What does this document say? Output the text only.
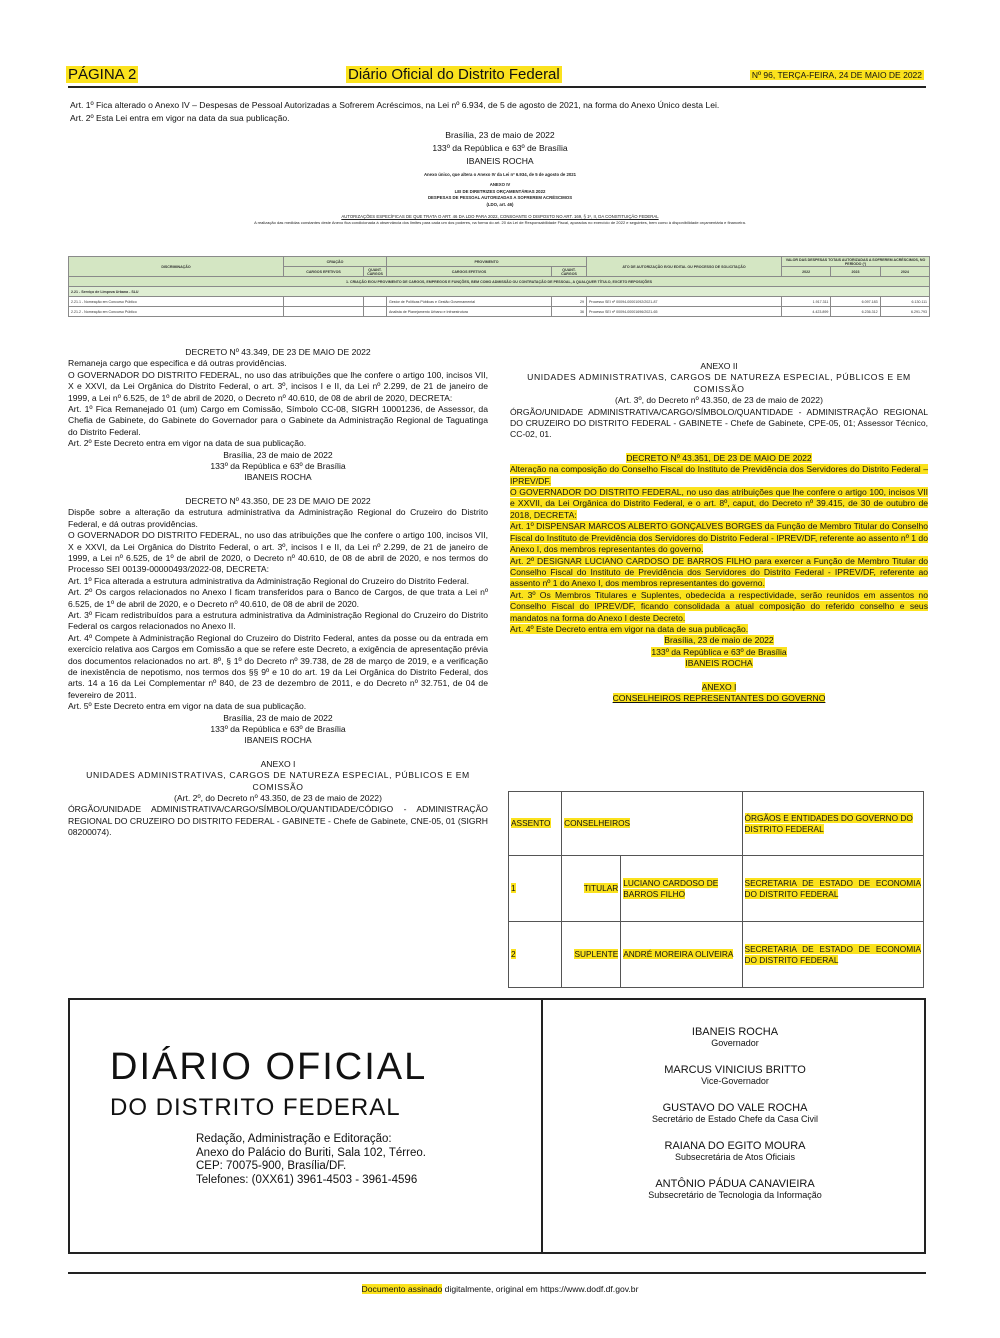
PÁGINA 2	Diário Oficial do Distrito Federal	Nº 96, TERÇA-FEIRA, 24 DE MAIO DE 2022

Art. 1º Fica alterado o Anexo IV – Despesas de Pessoal Autorizadas a Sofrerem Acréscimos, na Lei nº 6.934, de 5 de agosto de 2021, na forma do Anexo Único desta Lei.

Art. 2º Esta Lei entra em vigor na data da sua publicação.

Brasília, 23 de maio de 2022

133º da República e 63º de Brasília

IBANEIS ROCHA

Anexo único, que altera o Anexo IV da Lei nº 6.934, de 5 de agosto de 2021

ANEXO IV

LEI DE DIRETRIZES ORÇAMENTÁRIAS 2022

DESPESAS DE PESSOAL AUTORIZADAS A SOFREREM ACRÉSCIMOS

(LDO, art. 46)

AUTORIZAÇÕES ESPECÍFICAS DE QUE TRATA O ART. 46 DA LDO PARA 2022, CONSOANTE O DISPOSTO NO ART. 169, § 1º, II, DA CONSTITUIÇÃO FEDERAL

A realização das medidas constantes deste Anexo fica condicionada à observância dos limites para cada um dos poderes, na forma do art. 20 da Lei de Responsabilidade Fiscal, apurados no exercício de 2022 e seguintes, bem como à disponibilidade orçamentária e financeira.

DISCRIMINAÇÃO	CRIAÇÃO		PROVIMENTO		ATO DE AUTORIZAÇÃO E/OU EDITAL OU PROCESSO DE SOLICITAÇÃO	VALOR DAS DESPESAS TOTAIS AUTORIZADAS A SOFREREM ACRÉSCIMOS, NO PERÍODO (¹)		
	CARGOS EFETIVOS	QUANT. CARGOS	CARGOS EFETIVOS	QUANT. CARGOS		2022	2023	2024
1. CRIAÇÃO E/OU PROVIMENTO DE CARGOS, EMPREGOS E FUNÇÕES, BEM COMO ADMISSÃO OU CONTRATAÇÃO DE PESSOAL, A QUALQUER TÍTULO, EXCETO REPOSIÇÕES								
2.21 - Serviço de Limpeza Urbana - SLU								
2.21.1 - Nomeação em Concurso Público			Gestor de Políticas Públicas e Gestão Governamental	29	Processo SEI nº 00094-00001092/2021-87	1.917.311	6.097.183	6.130.111
2.21.2 - Nomeação em Concurso Público			Analista de Planejamento Urbano e Infraestrutura	36	Processo SEI nº 00094-00001696/2021-65	4.423.899	6.236.312	6.291.793

DECRETO Nº 43.349, DE 23 DE MAIO DE 2022

Remaneja cargo que especifica e dá outras providências.

O GOVERNADOR DO DISTRITO FEDERAL, no uso das atribuições que lhe confere o artigo 100, incisos VII, X e XXVI, da Lei Orgânica do Distrito Federal, o art. 3º, incisos I e II, da Lei nº 2.299, de 21 de janeiro de 1999, a Lei nº 6.525, de 1º de abril de 2020, o Decreto nº 40.610, de 08 de abril de 2020, DECRETA:

Art. 1º Fica Remanejado 01 (um) Cargo em Comissão, Símbolo CC-08, SIGRH 10001236, de Assessor, da Chefia de Gabinete, do Gabinete do Governador para o Gabinete da Administração Regional de Taguatinga do Distrito Federal.

Art. 2º Este Decreto entra em vigor na data de sua publicação.

Brasília, 23 de maio de 2022

133º da República e 63º de Brasília

IBANEIS ROCHA

DECRETO Nº 43.350, DE 23 DE MAIO DE 2022

Dispõe sobre a alteração da estrutura administrativa da Administração Regional do Cruzeiro do Distrito Federal, e dá outras providências.

O GOVERNADOR DO DISTRITO FEDERAL, no uso das atribuições que lhe confere o artigo 100, incisos VII, X e XXVI, da Lei Orgânica do Distrito Federal, o art. 3º, incisos I e II, da Lei nº 2.299, de 21 de janeiro de 1999, a Lei nº 6.525, de 1º de abril de 2020, o Decreto nº 40.610, de 08 de abril de 2020, e nos termos do Processo SEI 00139-00000493/2022-08, DECRETA:

Art. 1º Fica alterada a estrutura administrativa da Administração Regional do Cruzeiro do Distrito Federal.

Art. 2º Os cargos relacionados no Anexo I ficam transferidos para o Banco de Cargos, de que trata a Lei nº 6.525, de 1º de abril de 2020, e o Decreto nº 40.610, de 08 de abril de 2020.

Art. 3º Ficam redistribuídos para a estrutura administrativa da Administração Regional do Cruzeiro do Distrito Federal os cargos relacionados no Anexo II.

Art. 4º Compete à Administração Regional do Cruzeiro do Distrito Federal, antes da posse ou da entrada em exercício relativa aos Cargos em Comissão a que se refere este Decreto, a exigência de apresentação prévia dos documentos relacionados no art. 8º, § 1º do Decreto nº 39.738, de 28 de março de 2019, e a verificação de inexistência de nepotismo, nos termos dos §§ 9º e 10 do art. 19 da Lei Orgânica do Distrito Federal, dos arts. 14 a 16 da Lei Complementar nº 840, de 23 de dezembro de 2011, e do Decreto nº 32.751, de 04 de fevereiro de 2011.

Art. 5º Este Decreto entra em vigor na data de sua publicação.

Brasília, 23 de maio de 2022

133º da República e 63º de Brasília

IBANEIS ROCHA

ANEXO I

UNIDADES ADMINISTRATIVAS, CARGOS DE NATUREZA ESPECIAL, PÚBLICOS E EM COMISSÃO

(Art. 2º, do Decreto nº 43.350, de 23 de maio de 2022)

ÓRGÃO/UNIDADE ADMINISTRATIVA/CARGO/SÍMBOLO/QUANTIDADE/CÓDIGO - ADMINISTRAÇÃO REGIONAL DO CRUZEIRO DO DISTRITO FEDERAL - GABINETE - Chefe de Gabinete, CNE-05, 01 (SIGRH 08200074).

ANEXO II

UNIDADES ADMINISTRATIVAS, CARGOS DE NATUREZA ESPECIAL, PÚBLICOS E EM COMISSÃO

(Art. 3º, do Decreto nº 43.350, de 23 de maio de 2022)

ÓRGÃO/UNIDADE ADMINISTRATIVA/CARGO/SÍMBOLO/QUANTIDADE - ADMINISTRAÇÃO REGIONAL DO CRUZEIRO DO DISTRITO FEDERAL - GABINETE - Chefe de Gabinete, CPE-05, 01; Assessor Técnico, CC-02, 01.

DECRETO Nº 43.351, DE 23 DE MAIO DE 2022

Alteração na composição do Conselho Fiscal do Instituto de Previdência dos Servidores do Distrito Federal – IPREV/DF.

O GOVERNADOR DO DISTRITO FEDERAL, no uso das atribuições que lhe confere o artigo 100, incisos VII e XXVII, da Lei Orgânica do Distrito Federal, e o art. 8º, caput, do Decreto nº 39.415, de 30 de outubro de 2018, DECRETA:

Art. 1º DISPENSAR MARCOS ALBERTO GONÇALVES BORGES da Função de Membro Titular do Conselho Fiscal do Instituto de Previdência dos Servidores do Distrito Federal - IPREV/DF, referente ao assento nº 1 do Anexo I, dos membros representantes do governo.

Art. 2º DESIGNAR LUCIANO CARDOSO DE BARROS FILHO para exercer a Função de Membro Titular do Conselho Fiscal do Instituto de Previdência dos Servidores do Distrito Federal - IPREV/DF, referente ao assento nº 1 do Anexo I, dos membros representantes do governo.

Art. 3º Os Membros Titulares e Suplentes, obedecida a respectividade, serão reunidos em assentos no Conselho Fiscal do IPREV/DF, ficando consolidada a atual composição do referido conselho e seus mandatos na forma do Anexo I deste Decreto.

Art. 4º Este Decreto entra em vigor na data de sua publicação.

Brasília, 23 de maio de 2022

133º da República e 63º de Brasília

IBANEIS ROCHA

ANEXO I

CONSELHEIROS REPRESENTANTES DO GOVERNO

ASSENTO	CONSELHEIROS		ÓRGÃOS E ENTIDADES DO GOVERNO DO DISTRITO FEDERAL
1	TITULAR	LUCIANO CARDOSO DE BARROS FILHO	SECRETARIA DE ESTADO DE ECONOMIA DO DISTRITO FEDERAL
2	SUPLENTE	ANDRÉ MOREIRA OLIVEIRA	SECRETARIA DE ESTADO DE ECONOMIA DO DISTRITO FEDERAL
DIÁRIO OFICIAL
DO DISTRITO FEDERAL

Redação, Administração e Editoração:

Anexo do Palácio do Buriti, Sala 102, Térreo.

CEP: 70075-900, Brasília/DF.

Telefones: (0XX61) 3961-4503 - 3961-4596

IBANEIS ROCHA

Governador

MARCUS VINICIUS BRITTO

Vice-Governador

GUSTAVO DO VALE ROCHA

Secretário de Estado Chefe da Casa Civil

RAIANA DO EGITO MOURA

Subsecretária de Atos Oficiais

ANTÔNIO PÁDUA CANAVIEIRA

Subsecretário de Tecnologia da Informação

Documento assinado digitalmente, original em https://www.dodf.df.gov.br
